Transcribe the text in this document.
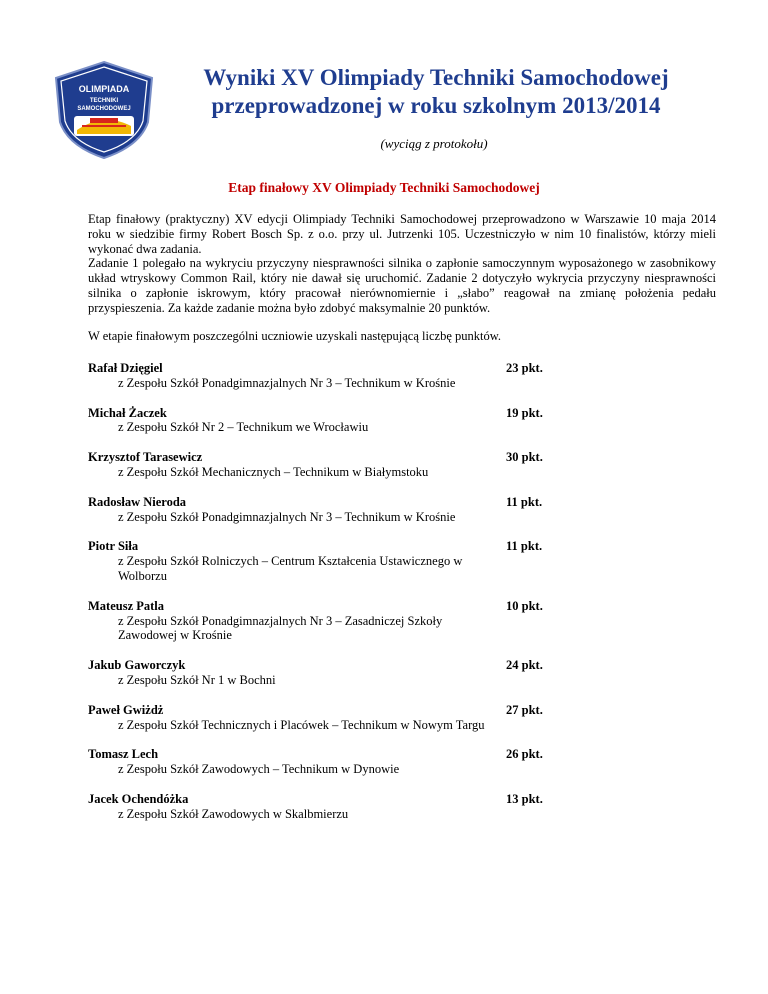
OLIMPIADA
TECHNIKI
SAMOCHODOWEJ
Wyniki XV Olimpiady Techniki Samochodowej
przeprowadzonej w roku szkolnym 2013/2014
(wyciąg z protokołu)
Etap finałowy XV Olimpiady Techniki Samochodowej

Etap finałowy (praktyczny) XV edycji Olimpiady Techniki Samochodowej przeprowadzono w Warszawie 10 maja 2014 roku w siedzibie firmy Robert Bosch Sp. z o.o. przy ul. Jutrzenki 105. Uczestniczyło w nim 10 finalistów, którzy mieli wykonać dwa zadania.

Zadanie 1 polegało na wykryciu przyczyny niesprawności silnika o zapłonie samoczynnym wyposażonego w zasobnikowy układ wtryskowy Common Rail, który nie dawał się uruchomić. Zadanie 2 dotyczyło wykrycia przyczyny niesprawności silnika o zapłonie iskrowym, który pracował nierównomiernie i „słabo” reagował na zmianę położenia pedału przyspieszenia. Za każde zadanie można było zdobyć maksymalnie 20 punktów.

W etapie finałowym poszczególni uczniowie uzyskali następującą liczbę punktów.
Rafał Dzięgiel
z Zespołu Szkół Ponadgimnazjalnych Nr 3 – Technikum w Krośnie
23 pkt.
Michał Żaczek
z Zespołu Szkół Nr 2 – Technikum we Wrocławiu
19 pkt.
Krzysztof Tarasewicz
z Zespołu Szkół Mechanicznych – Technikum w Białymstoku
30 pkt.
Radosław Nieroda
z Zespołu Szkół Ponadgimnazjalnych Nr 3 – Technikum w Krośnie
11 pkt.
Piotr Siła
z Zespołu Szkół Rolniczych – Centrum Kształcenia Ustawicznego w Wolborzu
11 pkt.
Mateusz Patla
z Zespołu Szkół Ponadgimnazjalnych Nr 3 – Zasadniczej Szkoły Zawodowej w Krośnie
10 pkt.
Jakub Gaworczyk
z Zespołu Szkół Nr 1 w Bochni
24 pkt.
Paweł Gwiżdż
z Zespołu Szkół Technicznych i Placówek – Technikum w Nowym Targu
27 pkt.
Tomasz Lech
z Zespołu Szkół Zawodowych – Technikum w Dynowie
26 pkt.
Jacek Ochendóżka
z Zespołu Szkół Zawodowych w Skalbmierzu
13 pkt.
